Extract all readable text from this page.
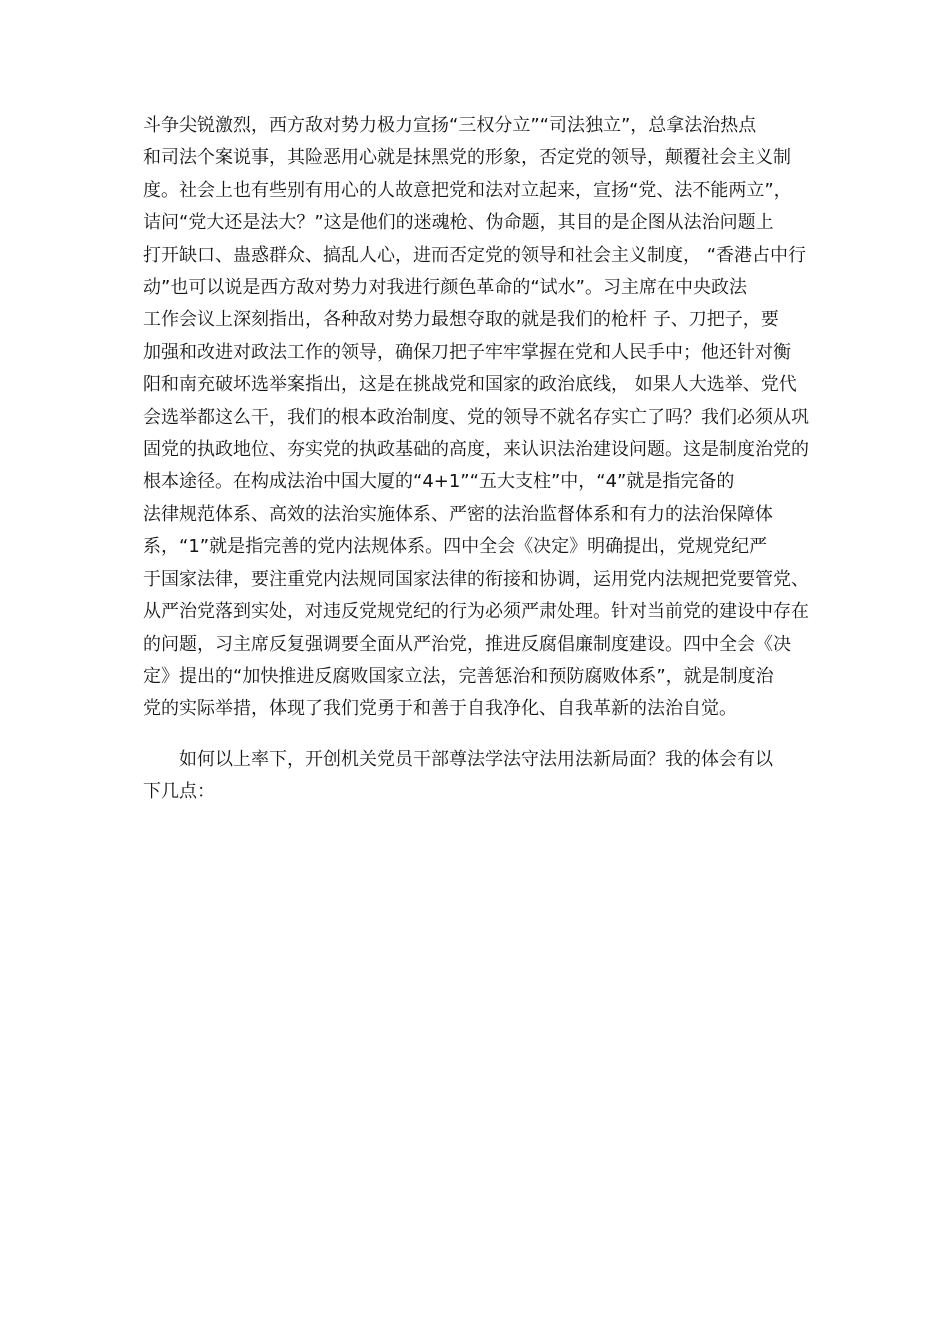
斗争尖锐激烈，西方敌对势力极力宣扬“三权分立”“司法独立”，总拿法治热点
和司法个案说事，其险恶用心就是抹黑党的形象，否定党的领导，颠覆社会主义制
度。社会上也有些别有用心的人故意把党和法对立起来，宣扬“党、法不能两立”，
诘问“党大还是法大？”这是他们的迷魂枪、伪命题，其目的是企图从法治问题上
打开缺口、蛊惑群众、搞乱人心，进而否定党的领导和社会主义制度， “香港占中行
动”也可以说是西方敌对势力对我进行颜色革命的“试水”。习主席在中央政法
工作会议上深刻指出，各种敌对势力最想夺取的就是我们的枪杆 子、刀把子，要
加强和改进对政法工作的领导，确保刀把子牢牢掌握在党和人民手中；他还针对衡
阳和南充破坏选举案指出，这是在挑战党和国家的政治底线， 如果人大选举、党代
会选举都这么干，我们的根本政治制度、党的领导不就名存实亡了吗？我们必须从巩
固党的执政地位、夯实党的执政基础的高度，来认识法治建设问题。这是制度治党的
根本途径。在构成法治中国大厦的“4+1”“五大支柱”中，“4”就是指完备的
法律规范体系、高效的法治实施体系、严密的法治监督体系和有力的法治保障体
系，“1”就是指完善的党内法规体系。四中全会《决定》明确提出，党规党纪严
于国家法律，要注重党内法规同国家法律的衔接和协调，运用党内法规把党要管党、
从严治党落到实处，对违反党规党纪的行为必须严肃处理。针对当前党的建设中存在
的问题，习主席反复强调要全面从严治党，推进反腐倡廉制度建设。四中全会《决
定》提出的“加快推进反腐败国家立法，完善惩治和预防腐败体系”，就是制度治
党的实际举措，体现了我们党勇于和善于自我净化、自我革新的法治自觉。
如何以上率下，开创机关党员干部尊法学法守法用法新局面？我的体会有以
下几点：
